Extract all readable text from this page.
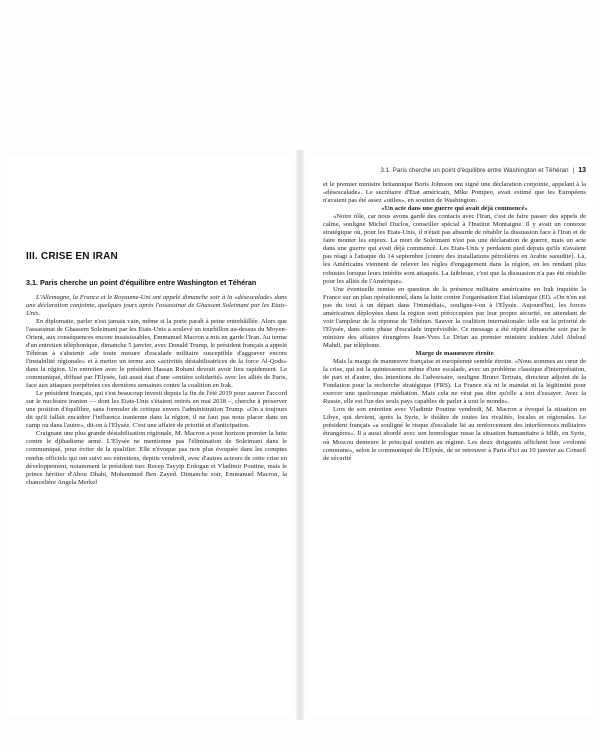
III. CRISE EN IRAN
3.1. Paris cherche un point d'équilibre entre Washington et Téhéran

L'Allemagne, la France et le Royaume-Uni ont appelé dimanche soir à la «désescalade» dans une déclaration conjointe, quelques jours après l'assassinat de Ghassem Soleimani par les Etats-Unis.

En diplomatie, parler n'est jamais vain, même si la porte paraît à peine entrebâillée. Alors que l'assassinat de Ghassem Soleimani par les Etats-Unis a soulevé un tourbillon au-dessus du Moyen-Orient, aux conséquences encore insaisissables, Emmanuel Macron a mis en garde l'Iran. Au terme d'un entretien téléphonique, dimanche 5 janvier, avec Donald Trump, le président français a appelé Téhéran à s'abstenir «de toute mesure d'escalade militaire susceptible d'aggraver encore l'instabilité régionale» et à mettre un terme aux «activités déstabilisatrices de la force Al-Qods» dans la région. Un entretien avec le président Hassan Rohani devrait avoir lieu rapidement. Le communiqué, diffusé par l'Elysée, fait aussi état d'une «entière solidarité» avec les alliés de Paris, face aux attaques perpétrées ces dernières semaines contre la coalition en Irak.

Le président français, qui s'est beaucoup investi depuis la fin de l'été 2019 pour sauver l'accord sur le nucléaire iranien — dont les Etats-Unis s'étaient retirés en mai 2018 –, cherche à préserver une position d'équilibre, sans formuler de critique envers l'administration Trump. «On a toujours dit qu'il fallait encadrer l'influence iranienne dans la région, il ne faut pas nous placer dans un camp ou dans l'autre», dit-on à l'Elysée. C'est une affaire de priorité et d'anticipation.

Craignant une plus grande déstabilisation régionale, M. Macron a pour horizon premier la lutte contre le djihadisme armé. L'Elysée ne mentionne pas l'élimination de Soleimani dans le communiqué, pour éviter de la qualifier. Elle n'évoque pas non plus évoquée dans les comptes rendus officiels qui ont suivi ses entretiens, depuis vendredi, avec d'autres acteurs de cette crise en développement, notamment le président turc Recep Tayyip Erdogan et Vladimir Poutine, mais le prince héritier d'Abou Dhabi, Mohammed Ben Zayed. Dimanche soir, Emmanuel Macron, la chancelière Angela Merkel

3.1. Paris cherche un point d'équilibre entre Washington et Téhéran | 13

et le premier ministre britannique Boris Johnson ont signé une déclaration conjointe, appelant à la «désescalade». Le secrétaire d'Etat américain, Mike Pompeo, avait estimé que les Européens n'avaient pas été assez «utiles», en soutien de Washington.

«Un acte dans une guerre qui avait déjà commencé»

«Notre rôle, car nous avons gardé des contacts avec l'Iran, c'est de faire passer des appels de calme, souligne Michel Duclos, conseiller spécial à l'Institut Montaigne. Il y avait un contexte stratégique où, pour les Etats-Unis, il n'était pas absurde de rétablir la dissuasion face à l'Iran et de faire monter les enjeux. La mort de Soleimani n'est pas une déclaration de guerre, mais un acte dans une guerre qui avait déjà commencé. Les Etats-Unis y perdaient pied depuis qu'ils n'avaient pas réagi à l'attaque du 14 septembre [contre des installations pétrolières en Arabie saoudite]. Là, les Américains viennent de relever les règles d'engagement dans la région, en les rendant plus robustes lorsque leurs intérêts sont attaqués. La faiblesse, c'est que la dissuasion n'a pas été rétablie pour les alliés de l'Amérique».

Une éventuelle remise en question de la présence militaire américaine en Irak inquiète la France sur un plan opérationnel, dans la lutte contre l'organisation Etat islamique (EI). «On n'en est pas du tout à un départ dans l'immédiat», souligne-t-on à l'Elysée. Aujourd'hui, les forces américaines déployées dans la région sont préoccupées par leur propre sécurité, en attendant de voir l'ampleur de la réponse de Téhéran. Sauver la coalition internationale: telle est la priorité de l'Elysée, dans cette phase d'escalade imprévisible. Ce message a été répété dimanche soir par le ministre des affaires étrangères Jean-Yves Le Drian au premier ministre irakien Adel Abdoul Mahdi, par téléphone.

Marge de manœuvre étroite

Mais la marge de manœuvre française et européenne semble étroite. «Nous sommes au cœur de la crise, qui est la quintessence même d'une escalade, avec un problème classique d'interprétation, de part et d'autre, des intentions de l'adversaire, souligne Bruno Tertrais, directeur adjoint de la Fondation pour la recherche stratégique (FRS). La France n'a ni le mandat ni la légitimité pour exercer une quelconque médiation. Mais cela ne veut pas dire qu'elle a tort d'essayer. Avec la Russie, elle est l'un des seuls pays capables de parler à tout le monde».

Lors de son entretien avec Vladimir Poutine vendredi, M. Macron a évoqué la situation en Libye, qui devient, après la Syrie, le théâtre de toutes les rivalités, locales et régionales. Le président français «a souligné le risque d'escalade lié au renforcement des interférences militaires étrangères». Il a aussi abordé avec son homologue russe la situation humanitaire à Idlib, en Syrie, où Moscou demeure le principal soutien au régime. Les deux dirigeants affichent leur «volonté commune», selon le communiqué de l'Elysée, de se retrouver à Paris d'ici au 10 janvier au Conseil de sécurité
